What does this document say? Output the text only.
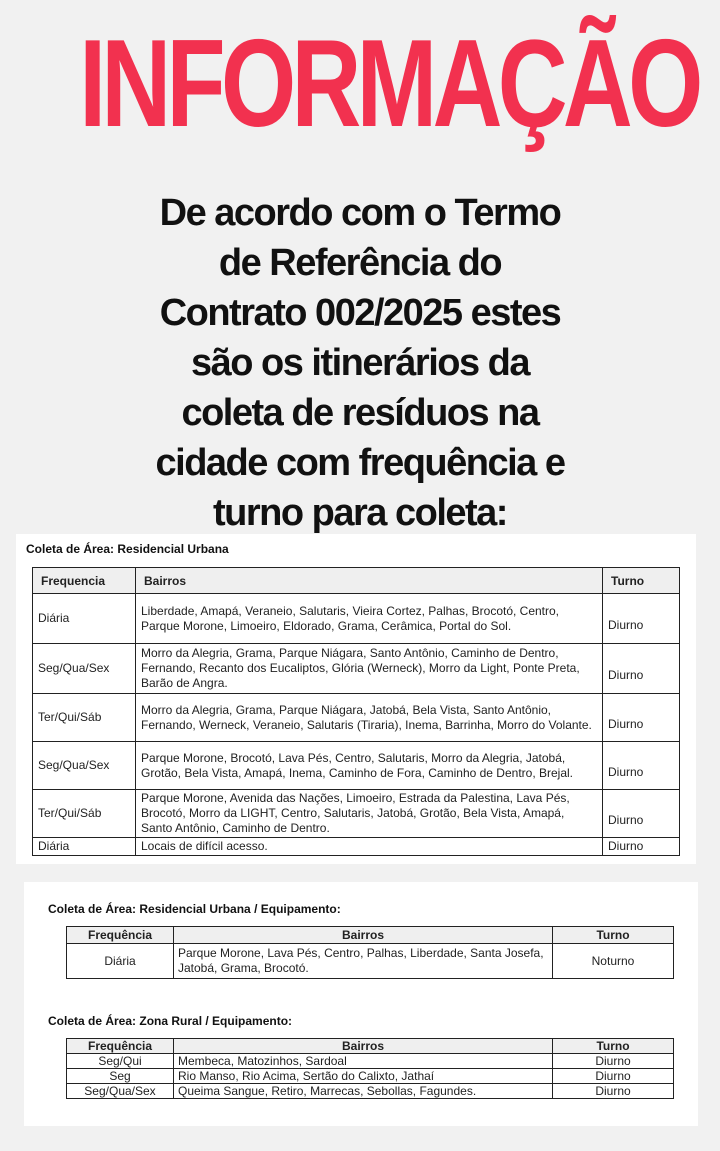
INFORMAÇÃO
De acordo com o Termo de Referência do Contrato 002/2025 estes são os itinerários da coleta de resíduos na cidade com frequência e turno para coleta:
Coleta de Área: Residencial Urbana
Frequencia	Bairros	Turno
Diária	Liberdade, Amapá, Veraneio, Salutaris, Vieira Cortez, Palhas, Brocotó, Centro, Parque Morone, Limoeiro, Eldorado, Grama, Cerâmica, Portal do Sol.	Diurno
Seg/Qua/Sex	Morro da Alegria, Grama, Parque Niágara, Santo Antônio, Caminho de Dentro, Fernando, Recanto dos Eucaliptos, Glória (Werneck), Morro da Light, Ponte Preta, Barão de Angra.	Diurno
Ter/Qui/Sáb	Morro da Alegria, Grama, Parque Niágara, Jatobá, Bela Vista, Santo Antônio, Fernando, Werneck, Veraneio, Salutaris (Tiraria), Inema, Barrinha, Morro do Volante.	Diurno
Seg/Qua/Sex	Parque Morone, Brocotó, Lava Pés, Centro, Salutaris, Morro da Alegria, Jatobá, Grotão, Bela Vista, Amapá, Inema, Caminho de Fora, Caminho de Dentro, Brejal.	Diurno
Ter/Qui/Sáb	Parque Morone, Avenida das Nações, Limoeiro, Estrada da Palestina, Lava Pés, Brocotó, Morro da LIGHT, Centro, Salutaris, Jatobá, Grotão, Bela Vista, Amapá, Santo Antônio, Caminho de Dentro.	Diurno
Diária	Locais de difícil acesso.	Diurno
Coleta de Área: Residencial Urbana / Equipamento:
Frequência	Bairros	Turno
Diária	Parque Morone, Lava Pés, Centro, Palhas, Liberdade, Santa Josefa, Jatobá, Grama, Brocotó.	Noturno
Coleta de Área: Zona Rural / Equipamento:
Frequência	Bairros	Turno
Seg/Qui	Membeca, Matozinhos, Sardoal	Diurno
Seg	Rio Manso, Rio Acima, Sertão do Calixto, Jathaí	Diurno
Seg/Qua/Sex	Queima Sangue, Retiro, Marrecas, Sebollas, Fagundes.	Diurno
